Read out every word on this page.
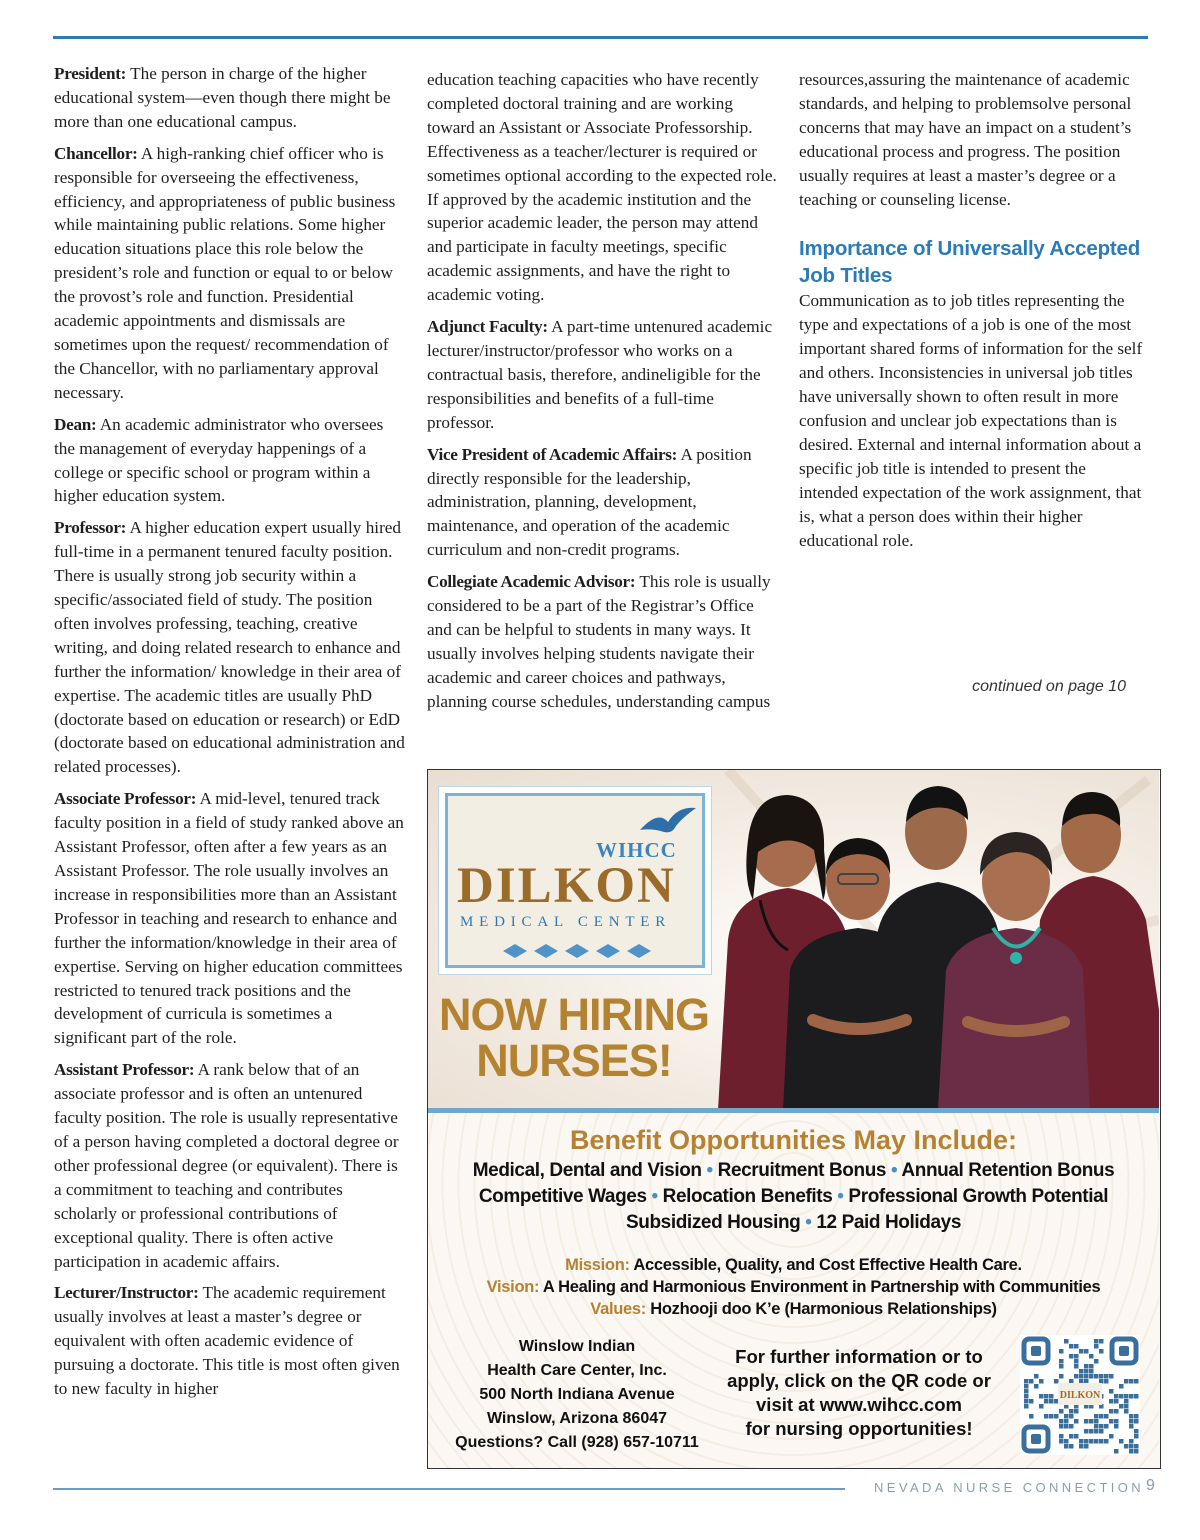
President: The person in charge of the higher educational system—even though there might be more than one educational campus.

Chancellor: A high-ranking chief officer who is responsible for overseeing the effectiveness, efficiency, and appropriateness of public business while maintaining public relations. Some higher education situations place this role below the president’s role and function or equal to or below the provost’s role and function. Presidential academic appointments and dismissals are sometimes upon the request/ recommendation of the Chancellor, with no parliamentary approval necessary.

Dean: An academic administrator who oversees the management of everyday happenings of a college or specific school or program within a higher education system.

Professor: A higher education expert usually hired full-time in a permanent tenured faculty position. There is usually strong job security within a specific/associated field of study. The position often involves professing, teaching, creative writing, and doing related research to enhance and further the information/ knowledge in their area of expertise. The academic titles are usually PhD (doctorate based on education or research) or EdD (doctorate based on educational administration and related processes).

Associate Professor: A mid-level, tenured track faculty position in a field of study ranked above an Assistant Professor, often after a few years as an Assistant Professor. The role usually involves an increase in responsibilities more than an Assistant Professor in teaching and research to enhance and further the information/knowledge in their area of expertise. Serving on higher education committees restricted to tenured track positions and the development of curricula is sometimes a significant part of the role.

Assistant Professor: A rank below that of an associate professor and is often an untenured faculty position. The role is usually representative of a person having completed a doctoral degree or other professional degree (or equivalent). There is a commitment to teaching and contributes scholarly or professional contributions of exceptional quality. There is often active participation in academic affairs.

Lecturer/Instructor: The academic requirement usually involves at least a master’s degree or equivalent with often academic evidence of pursuing a doctorate. This title is most often given to new faculty in higher

education teaching capacities who have recently completed doctoral training and are working toward an Assistant or Associate Professorship. Effectiveness as a teacher/lecturer is required or sometimes optional according to the expected role. If approved by the academic institution and the superior academic leader, the person may attend and participate in faculty meetings, specific academic assignments, and have the right to academic voting.

Adjunct Faculty: A part-time untenured academic lecturer/instructor/professor who works on a contractual basis, therefore, andineligible for the responsibilities and benefits of a full-time professor.

Vice President of Academic Affairs: A position directly responsible for the leadership, administration, planning, development, maintenance, and operation of the academic curriculum and non-credit programs.

Collegiate Academic Advisor: This role is usually considered to be a part of the Registrar’s Office and can be helpful to students in many ways. It usually involves helping students navigate their academic and career choices and pathways, planning course schedules, understanding campus

resources,assuring the maintenance of academic standards, and helping to problemsolve personal concerns that may have an impact on a student’s educational process and progress. The position usually requires at least a master’s degree or a teaching or counseling license.

Importance of Universally Accepted Job Titles

Communication as to job titles representing the type and expectations of a job is one of the most important shared forms of information for the self and others. Inconsistencies in universal job titles have universally shown to often result in more confusion and unclear job expectations than is desired. External and internal information about a specific job title is intended to present the intended expectation of the work assignment, that is, what a person does within their higher educational role.

continued on page 10
WIHCC
DILKON
MEDICAL CENTER
NOW HIRING
NURSES!
Benefit Opportunities May Include:
Medical, Dental and Vision • Recruitment Bonus • Annual Retention Bonus
Competitive Wages • Relocation Benefits • Professional Growth Potential
Subsidized Housing • 12 Paid Holidays
Mission: Accessible, Quality, and Cost Effective Health Care.
Vision: A Healing and Harmonious Environment in Partnership with Communities
Values: Hozhooji doo K’e (Harmonious Relationships)
Winslow Indian
Health Care Center, Inc.
500 North Indiana Avenue
Winslow, Arizona 86047
Questions? Call (928) 657-10711
For further information or to
apply, click on the QR code or
visit at www.wihcc.com
for nursing opportunities!
DILKON
NEVADA NURSE CONNECTION 9
